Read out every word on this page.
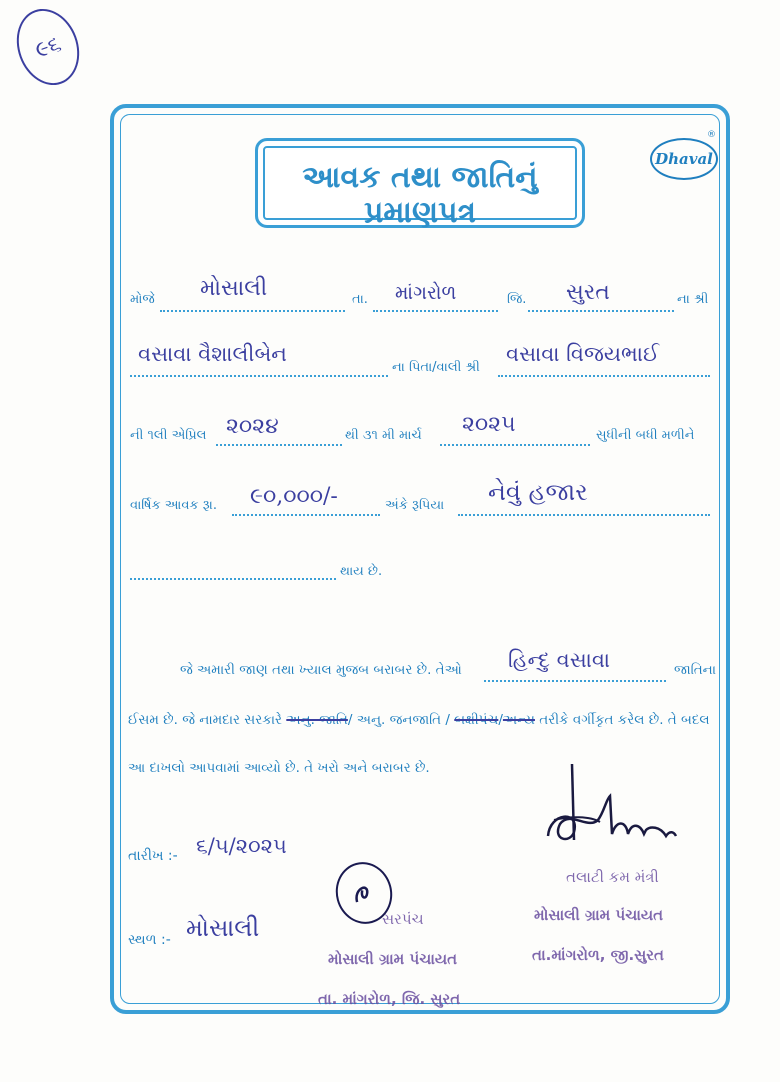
૯૬
આવક તથા જાતિનું પ્રમાણપત્ર
Dhaval
®
મોજે મોસાલી	તા. માંગરોળ	જિ. સુરત	ના શ્રી
વસાવા વૈશાલીબેન
ના પિતા/વાલી શ્રી
વસાવા વિજયભાઈ
ની ૧લી એપ્રિલ ૨૦૨૪	થી ૩૧ મી માર્ચ ૨૦૨૫	સુધીની બધી મળીને
વાર્ષિક આવક રૂા. ૯૦,૦૦૦/-	અંકે રૂપિયા નેવું હજાર
થાય છે.
જે અમારી જાણ તથા ખ્યાલ મુજબ બરાબર છે. તેઓ હિન્દુ વસાવા	જાતિના
ઈસમ છે. જે નામદાર સરકારે અનુ. જાતિ/ અનુ. જનજાતિ / બક્ષીપંચ/અન્ય તરીકે વર્ગીકૃત કરેલ છે. તે બદલ
આ દાખલો આપવામાં આવ્યો છે. તે ખરો અને બરાબર છે.
તારીખ :- ૬/૫/૨૦૨૫
સ્થળ :- મોસાલી	સરપંચ
મોસાલી ગ્રામ પંચાયત
તા. માંગરોળ, જિ. સુરત
તલાટી કમ મંત્રી
મોસાલી ગ્રામ પંચાયત
તા.માંગરોળ, જી.સુરત
